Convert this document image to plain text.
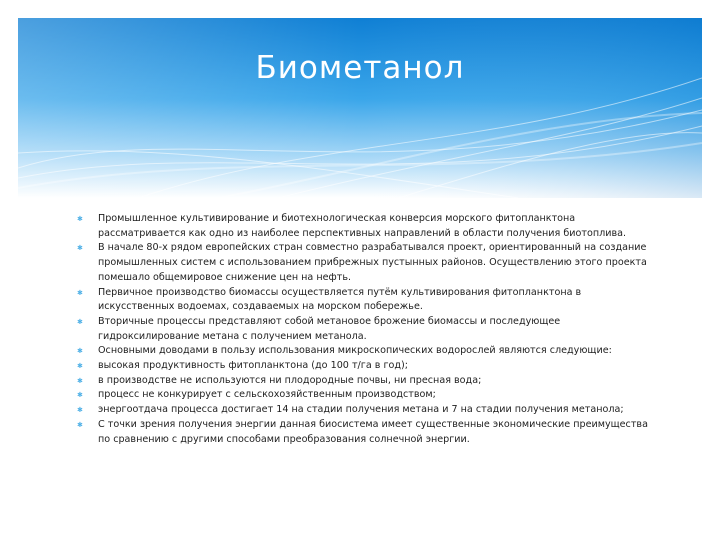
Биометанол
✱ Промышленное культивирование и биотехнологическая конверсия морского фитопланктона рассматривается как одно из наиболее перспективных направлений в области получения биотоплива.
✱ В начале 80-х рядом европейских стран совместно разрабатывался проект, ориентированный на создание промышленных систем с использованием прибрежных пустынных районов. Осуществлению этого проекта помешало общемировое снижение цен на нефть.
✱ Первичное производство биомассы осуществляется путём культивирования фитопланктона в искусственных водоемах, создаваемых на морском побережье.
✱ Вторичные процессы представляют собой метановое брожение биомассы и последующее гидроксилирование метана с получением метанола.
✱ Основными доводами в пользу использования микроскопических водорослей являются следующие:
✱ высокая продуктивность фитопланктона (до 100 т/га в год);
✱ в производстве не используются ни плодородные почвы, ни пресная вода;
✱ процесс не конкурирует с сельскохозяйственным производством;
✱ энергоотдача процесса достигает 14 на стадии получения метана и 7 на стадии получения метанола;
✱ С точки зрения получения энергии данная биосистема имеет существенные экономические преимущества по сравнению с другими способами преобразования солнечной энергии.
